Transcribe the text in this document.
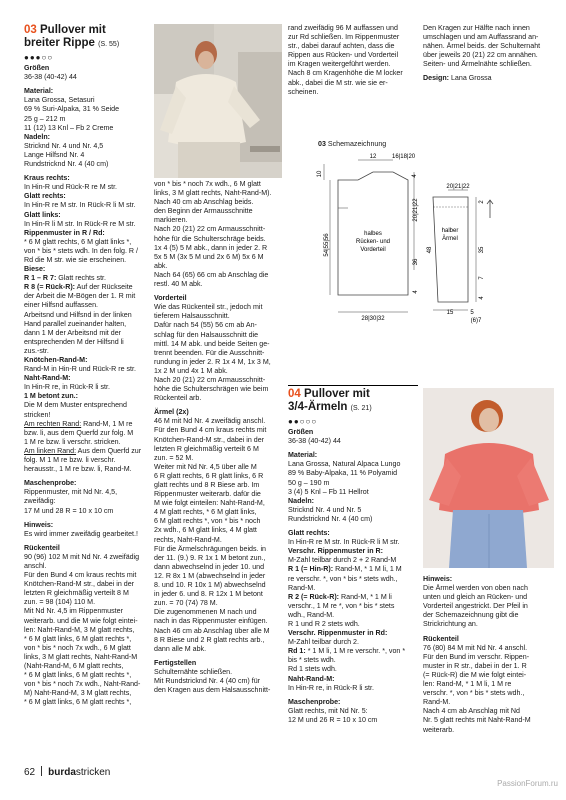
03 Pullover mit
breiter Rippe (S. 55)
●●●○○

Größen

36-38 (40-42) 44

Material:

Lana Grossa, Setasuri

69 % Suri-Alpaka, 31 % Seide

25 g – 212 m

11 (12) 13 Knl – Fb 2 Creme

Nadeln:

Stricknd Nr. 4 und Nr. 4,5

Lange Hilfsnd Nr. 4

Rundstricknd Nr. 4 (40 cm)

Kraus rechts:

In Hin-R und Rück-R re M str.

Glatt rechts:

In Hin-R re M str. In Rück-R li M str.

Glatt links:

In Hin-R li M str. In Rück-R re M str.

Rippenmuster in R / Rd:

* 6 M glatt rechts, 6 M glatt links *,

von * bis * stets wdh. In den folg. R /

Rd die M str. wie sie erscheinen.

Biese:

R 1 – R 7: Glatt rechts str.

R 8 (= Rück-R): Auf der Rückseite

der Arbeit die M-Bögen der 1. R mit

einer Hilfsnd auffassen.

Arbeitsnd und Hilfsnd in der linken

Hand parallel zueinander halten,

dann 1 M der Arbeitsnd mit der

entsprechenden M der Hilfsnd li

zus.-str.

Knötchen-Rand-M:

Rand-M in Hin-R und Rück-R re str.

Naht-Rand-M:

In Hin-R re, in Rück-R li str.

1 M betont zun.:

Die M dem Muster entsprechend

stricken!

Am rechten Rand: Rand-M, 1 M re

bzw. li, aus dem Querfd zur folg. M

1 M re bzw. li verschr. stricken.

Am linken Rand: Aus dem Querfd zur

folg. M 1 M re bzw. li verschr.

herausstr., 1 M re bzw. li, Rand-M.

Maschenprobe:

Rippenmuster, mit Nd Nr. 4,5,

zweifädig:

17 M und 28 R = 10 x 10 cm

Hinweis:

Es wird immer zweifädig gearbeitet.!

Rückenteil

90 (96) 102 M mit Nd Nr. 4 zweifädig

anschl.

Für den Bund 4 cm kraus rechts mit

Knötchen-Rand-M str., dabei in der

letzten R gleichmäßig verteilt 8 M

zun. = 98 (104) 110 M.

Mit Nd Nr. 4,5 im Rippenmuster

weiterarb. und die M wie folgt eintei-

len: Naht-Rand-M, 3 M glatt rechts,

* 6 M glatt links, 6 M glatt rechts *,

von * bis * noch 7x wdh., 6 M glatt

links, 3 M glatt rechts, Naht-Rand-M

(Naht-Rand-M, 6 M glatt rechts,

* 6 M glatt links, 6 M glatt rechts *,

von * bis * noch 7x wdh., Naht-Rand-

M) Naht-Rand-M, 3 M glatt rechts,

* 6 M glatt links, 6 M glatt rechts *,

von * bis * noch 7x wdh., 6 M glatt

links, 3 M glatt rechts, Naht-Rand-M).

Nach 40 cm ab Anschlag beids.

den Beginn der Armausschnitte

markieren.

Nach 20 (21) 22 cm Armausschnitt-

höhe für die Schulterschräge beids.

1x 4 (5) 5 M abk., dann in jeder 2. R

5x 5 M (3x 5 M und 2x 6 M) 5x 6 M

abk.

Nach 64 (65) 66 cm ab Anschlag die

restl. 40 M abk.

Vorderteil

Wie das Rückenteil str., jedoch mit

tieferem Halsausschnitt.

Dafür nach 54 (55) 56 cm ab An-

schlag für den Halsausschnitt die

mittl. 14 M abk. und beide Seiten ge-

trennt beenden. Für die Ausschnitt-

rundung in jeder 2. R 1x 4 M, 1x 3 M,

1x 2 M und 4x 1 M abk.

Nach 20 (21) 22 cm Armausschnitt-

höhe die Schulterschrägen wie beim

Rückenteil arb.

Ärmel (2x)

46 M mit Nd Nr. 4 zweifädig anschl.

Für den Bund 4 cm kraus rechts mit

Knötchen-Rand-M str., dabei in der

letzten R gleichmäßig verteilt 6 M

zun. = 52 M.

Weiter mit Nd Nr. 4,5 über alle M

6 R glatt rechts, 6 R glatt links, 6 R

glatt rechts und 8 R Biese arb. Im

Rippenmuster weiterarb. dafür die

M wie folgt einteilen: Naht-Rand-M,

4 M glatt rechts, * 6 M glatt links,

6 M glatt rechts *, von * bis * noch

2x wdh., 6 M glatt links, 4 M glatt

rechts, Naht-Rand-M.

Für die Ärmelschrägungen beids. in

der 11. (9.) 9. R 1x 1 M betont zun.,

dann abwechselnd in jeder 10. und

12. R 8x 1 M (abwechselnd in jeder

8. und 10. R 10x 1 M) abwechselnd

in jeder 6. und 8. R 12x 1 M betont

zun. = 70 (74) 78 M.

Die zugenommenen M nach und

nach in das Rippenmuster einfügen.

Nach 46 cm ab Anschlag über alle M

8 R Biese und 2 R glatt rechts arb.,

dann alle M abk.

Fertigstellen

Schulternähte schließen.

Mit Rundstricknd Nr. 4 (40 cm) für

den Kragen aus dem Halsausschnitt-

rand zweifädig 96 M auffassen und

zur Rd schließen. Im Rippenmuster

str., dabei darauf achten, dass die

Rippen aus Rücken- und Vorderteil

im Kragen weitergeführt werden.

Nach 8 cm Kragenhöhe die M locker

abk., dabei die M str. wie sie er-

scheinen.

Den Kragen zur Hälfte nach innen

umschlagen und am Auffassrand an-

nähen. Ärmel beids. der Schulternaht

über jeweils 20 (21) 22 cm annähen.

Seiten- und Ärmelnähte schließen.

Design: Lana Grossa

03 Schemazeichnung

12	16|18|20
10	4
20|21|22
54|55|56
36
4
28|30|32
20|21|22
2
48	35
7
4
15	5
(6)7
halbes
Rücken- und
Vorderteil
halber
Ärmel
04 Pullover mit
3/4-Ärmeln (S. 21)
●●○○○

Größen

36-38 (40-42) 44

Material:

Lana Grossa, Natural Alpaca Lungo

89 % Baby-Alpaka, 11 % Polyamid

50 g – 190 m

3 (4) 5 Knl – Fb 11 Hellrot

Nadeln:

Stricknd Nr. 4 und Nr. 5

Rundstricknd Nr. 4 (40 cm)

Glatt rechts:

In Hin-R re M str. In Rück-R li M str.

Verschr. Rippenmuster in R:

M-Zahl teilbar durch 2 + 2 Rand-M

R 1 (= Hin-R): Rand-M, * 1 M li, 1 M

re verschr. *, von * bis * stets wdh.,

Rand-M.

R 2 (= Rück-R): Rand-M, * 1 M li

verschr., 1 M re *, von * bis * stets

wdh., Rand-M.

R 1 und R 2 stets wdh.

Verschr. Rippenmuster in Rd:

M-Zahl teilbar durch 2.

Rd 1: * 1 M li, 1 M re verschr. *, von *

bis * stets wdh.

Rd 1 stets wdh.

Naht-Rand-M:

In Hin-R re, in Rück-R li str.

Maschenprobe:

Glatt rechts, mit Nd Nr. 5:

12 M und 26 R = 10 x 10 cm

Hinweis:

Die Ärmel werden von oben nach

unten und gleich an Rücken- und

Vorderteil angestrickt. Der Pfeil in

der Schemazeichnung gibt die

Strickrichtung an.

Rückenteil

76 (80) 84 M mit Nd Nr. 4 anschl.

Für den Bund im verschr. Rippen-

muster in R str., dabei in der 1. R

(= Rück-R) die M wie folgt eintei-

len: Rand-M, * 1 M li, 1 M re

verschr. *, von * bis * stets wdh.,

Rand-M.

Nach 4 cm ab Anschlag mit Nd

Nr. 5 glatt rechts mit Naht-Rand-M

weiterarb.

62 burdastricken
PassionForum.ru
